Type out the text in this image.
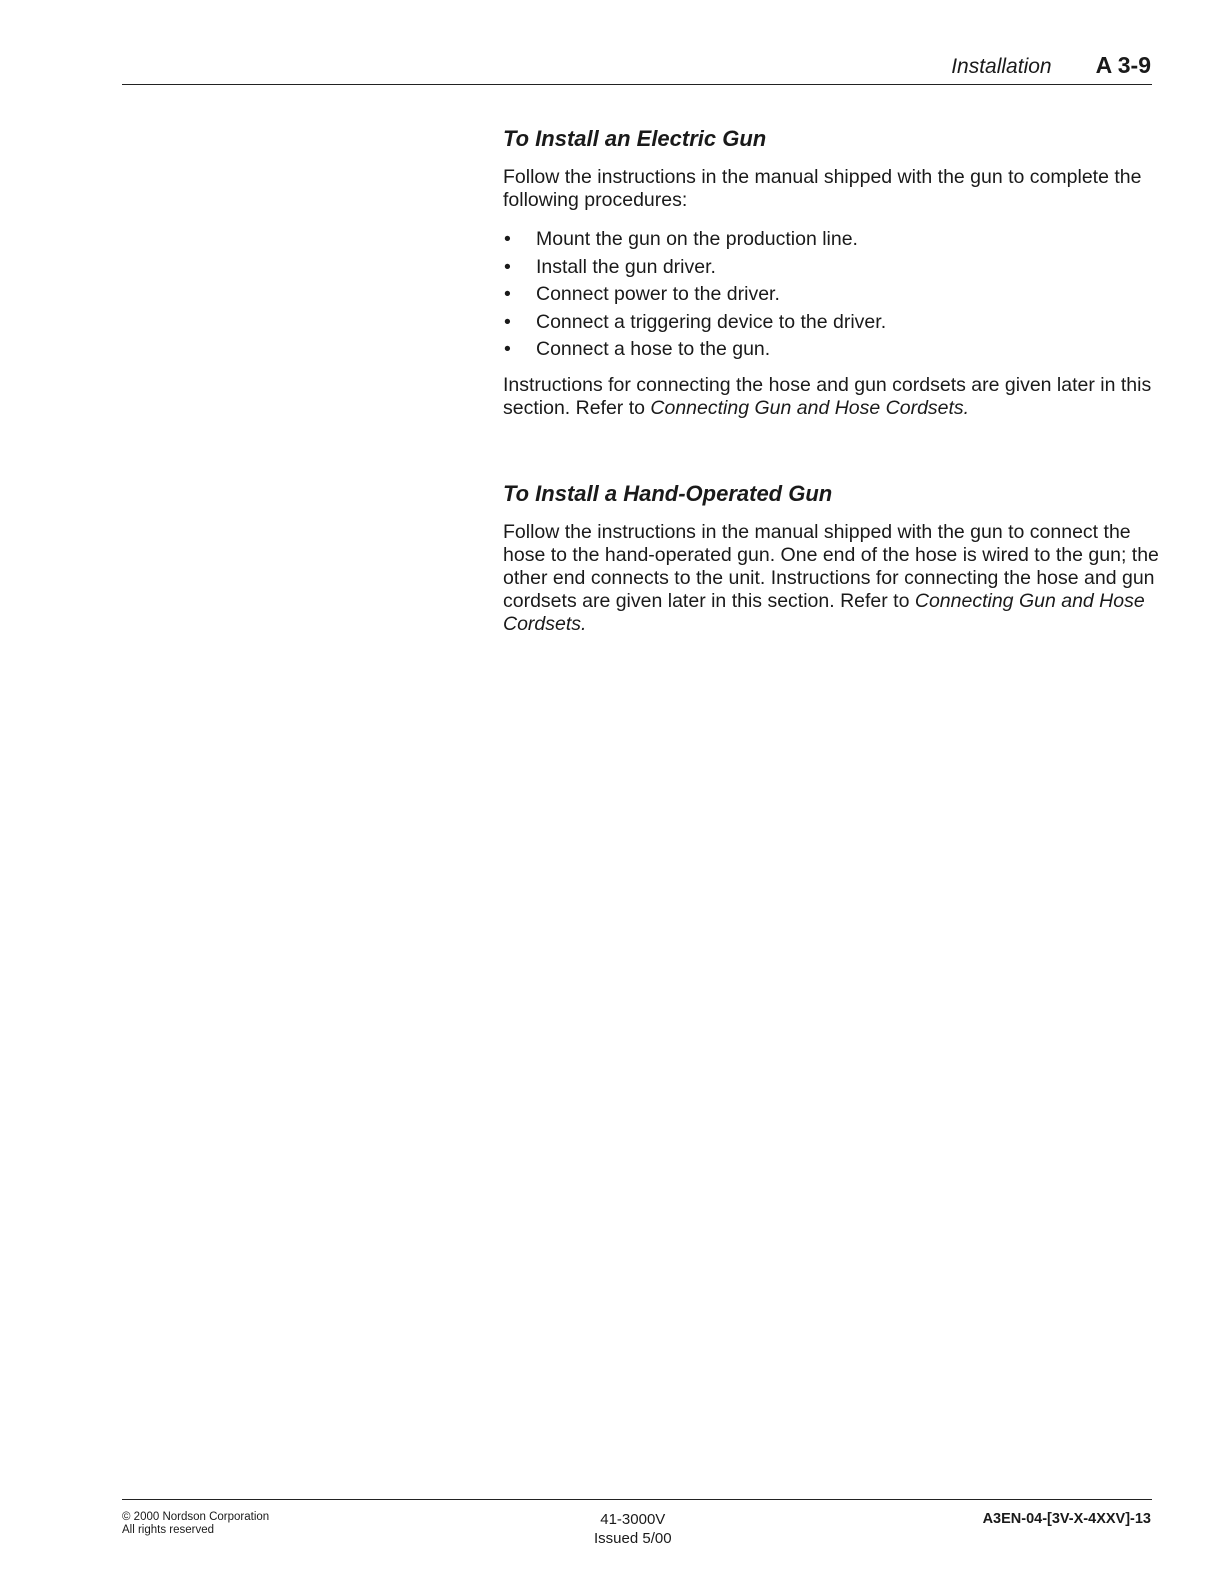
Installation A 3-9
To Install an Electric Gun

Follow the instructions in the manual shipped with the gun to complete the following procedures:

• Mount the gun on the production line.
• Install the gun driver.
• Connect power to the driver.
• Connect a triggering device to the driver.
• Connect a hose to the gun.

Instructions for connecting the hose and gun cordsets are given later in this section. Refer to Connecting Gun and Hose Cordsets.

To Install a Hand-Operated Gun

Follow the instructions in the manual shipped with the gun to connect the hose to the hand-operated gun. One end of the hose is wired to the gun; the other end connects to the unit. Instructions for connecting the hose and gun cordsets are given later in this section. Refer to Connecting Gun and Hose Cordsets.

© 2000 Nordson Corporation
All rights reserved
41-3000V
Issued 5/00
A3EN-04-[3V-X-4XXV]-13
